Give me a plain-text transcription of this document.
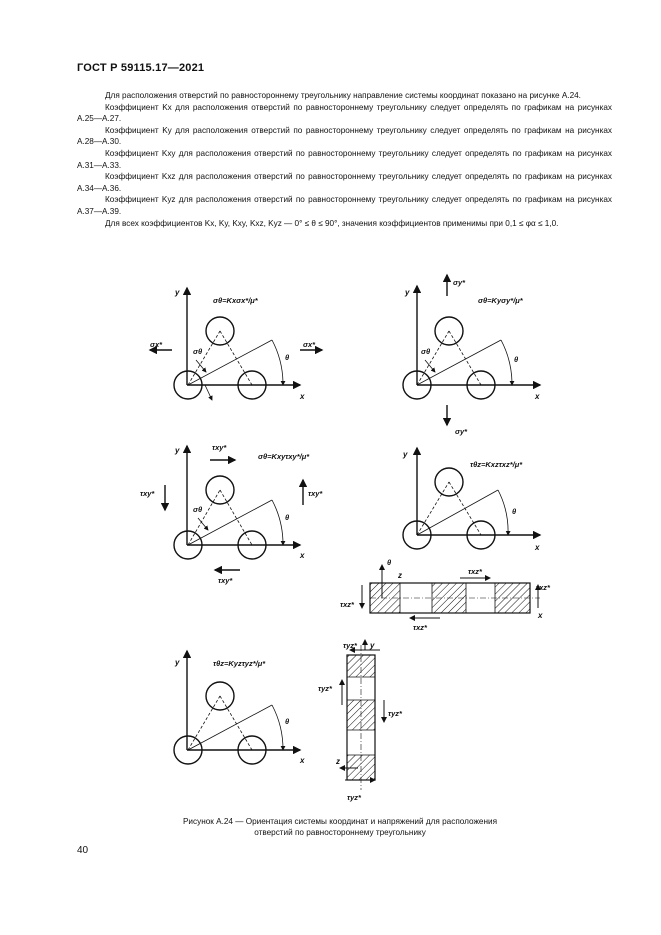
ГОСТ Р 59115.17—2021

Для расположения отверстий по равностороннему треугольнику направление системы координат показано на рисунке А.24.

Коэффициент Kx для расположения отверстий по равностороннему треугольнику следует определять по графикам на рисунках А.25—А.27.

Коэффициент Ky для расположения отверстий по равностороннему треугольнику следует определять по графикам на рисунках А.28—А.30.

Коэффициент Kxy для расположения отверстий по равностороннему треугольнику следует определять по графикам на рисунках А.31—А.33.

Коэффициент Kxz для расположения отверстий по равностороннему треугольнику следует определять по графикам на рисунках А.34—А.36.

Коэффициент Kyz для расположения отверстий по равностороннему треугольнику следует определять по графикам на рисунках А.37—А.39.

Для всех коэффициентов Kx, Ky, Kxy, Kxz, Kyz — 0° ≤ θ ≤ 90°, значения коэффициентов применимы при 0,1 ≤ φα ≤ 1,0.

y
x
σθ=Kxσx*/μ*
σθ
θ
σx*	σx*
y
x
σθ=Kyσy*/μ*
σy*
σy*
σθ
θ
y
x
σθ=Kxyτxy*/μ*
τxy*
τxy*
τxy*	τxy*
σθ
θ
y
x
τθz=Kxzτxz*/μ*
θ
θ
z	τxz*
τxz*
τxz*
τxz*
x
y
x
τθz=Kyzτyz*/μ*
θ
τyz* y
τyz*
τyz*
z
τyz*
Рисунок А.24 — Ориентация системы координат и напряжений для расположения
отверстий по равностороннему треугольнику
40
